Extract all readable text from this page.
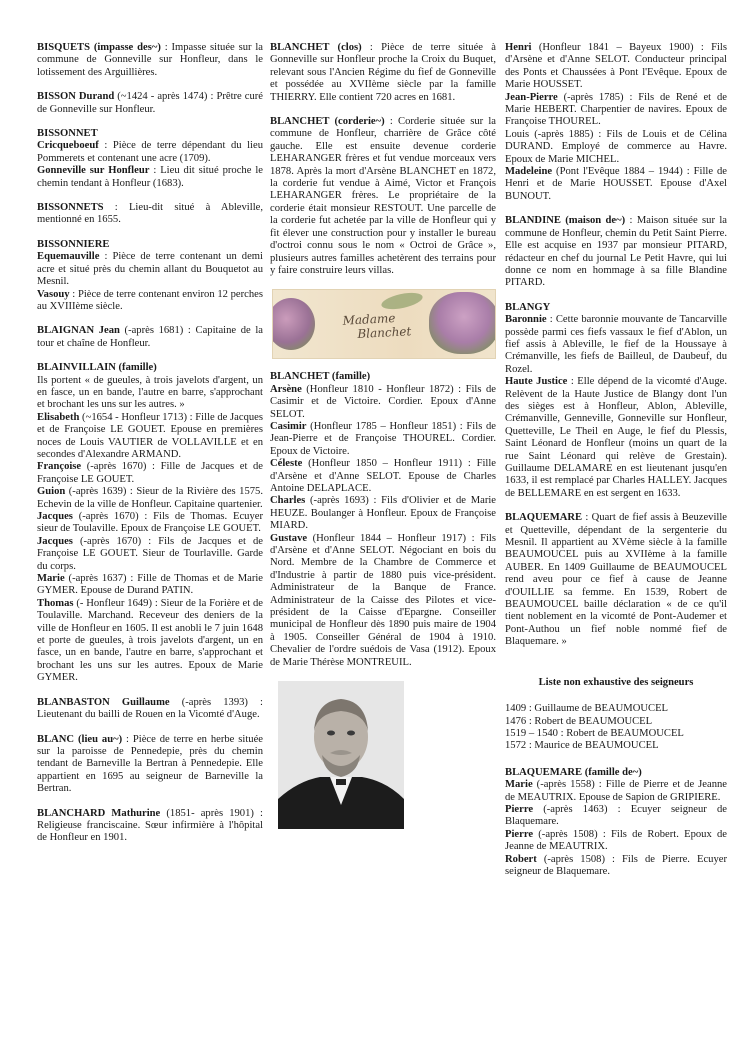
BISQUETS (impasse des~) : Impasse située sur la commune de Gonneville sur Honfleur, dans le lotissement des Arguillières.

BISSON Durand (~1424 - après 1474) : Prêtre curé de Gonneville sur Honfleur.

BISSONNET

Cricqueboeuf : Pièce de terre dépendant du lieu Pommerets et contenant une acre (1709).

Gonneville sur Honfleur : Lieu dit situé proche le chemin tendant à Honfleur (1683).

BISSONNETS : Lieu-dit situé à Ableville, mentionné en 1655.

BISSONNIERE

Equemauville : Pièce de terre contenant un demi acre et situé près du chemin allant du Bouquetot au Mesnil.

Vasouy : Pièce de terre contenant environ 12 perches au XVIIIème siècle.

BLAIGNAN Jean (-après 1681) : Capitaine de la tour et chaîne de Honfleur.

BLAINVILLAIN (famille)

Ils portent « de gueules, à trois javelots d'argent, un en fasce, un en bande, l'autre en barre, s'approchant et brochant les uns sur les autres. »

Elisabeth (~1654 - Honfleur 1713) : Fille de Jacques et de Françoise LE GOUET. Epouse en premières noces de Louis VAUTIER de VOLLAVILLE et en secondes d'Alexandre ARMAND.

Françoise (-après 1670) : Fille de Jacques et de Françoise LE GOUET.

Guion (-après 1639) : Sieur de la Rivière des 1575. Echevin de la ville de Honfleur. Capitaine quartenier.

Jacques (-après 1670) : Fils de Thomas. Ecuyer sieur de Toulaville. Epoux de Françoise LE GOUET.

Jacques (-après 1670) : Fils de Jacques et de Françoise LE GOUET. Sieur de Tourlaville. Garde du corps.

Marie (-après 1637) : Fille de Thomas et de Marie GYMER. Epouse de Durand PATIN.

Thomas (- Honfleur 1649) : Sieur de la Forière et de Toulaville. Marchand. Receveur des deniers de la ville de Honfleur en 1605. Il est anobli le 7 juin 1648 et porte de gueules, à trois javelots d'argent, un en fasce, un en bande, l'autre en barre, s'approchant et brochant les uns sur les autres. Epoux de Marie GYMER.

BLANBASTON Guillaume (-après 1393) : Lieutenant du bailli de Rouen en la Vicomté d'Auge.

BLANC (lieu au~) : Pièce de terre en herbe située sur la paroisse de Pennedepie, près du chemin tendant de Barneville la Bertran à Pennedepie. Elle appartient en 1695 au seigneur de Barneville la Bertran.

BLANCHARD Mathurine (1851- après 1901) : Religieuse franciscaine. Sœur infirmière à l'hôpital de Honfleur en 1901.

BLANCHET (clos) : Pièce de terre située à Gonneville sur Honfleur proche la Croix du Buquet, relevant sous l'Ancien Régime du fief de Gonneville et possédée au XVIIème siècle par la famille THIERRY. Elle contient 720 acres en 1681.

BLANCHET (corderie~) : Corderie située sur la commune de Honfleur, charrière de Grâce côté gauche. Elle est ensuite devenue corderie LEHARANGER frères et fut vendue morceaux vers 1878. Après la mort d'Arsène BLANCHET en 1872, la corderie fut vendue à Aimé, Victor et François LEHARANGER frères. Le propriétaire de la corderie était monsieur RESTOUT. Une parcelle de la corderie fut achetée par la ville de Honfleur qui y fit élever une construction pour y installer le bureau d'octroi connu sous le nom « Octroi de Grâce », plusieurs autres familles achetèrent des terrains pour y faire construire leurs villas.

Madame
Blanchet

BLANCHET (famille)

Arsène (Honfleur 1810 - Honfleur 1872) : Fils de Casimir et de Victoire. Cordier. Epoux d'Anne SELOT.

Casimir (Honfleur 1785 – Honfleur 1851) : Fils de Jean-Pierre et de Françoise THOUREL. Cordier. Epoux de Victoire.

Céleste (Honfleur 1850 – Honfleur 1911) : Fille d'Arsène et d'Anne SELOT. Epouse de Charles Antoine DELAPLACE.

Charles (-après 1693) : Fils d'Olivier et de Marie HEUZE. Boulanger à Honfleur. Epoux de Françoise MIARD.

Gustave (Honfleur 1844 – Honfleur 1917) : Fils d'Arsène et d'Anne SELOT. Négociant en bois du Nord. Membre de la Chambre de Commerce et d'Industrie à partir de 1880 puis vice-président. Administrateur de la Banque de France. Administrateur de la Caisse des Pilotes et vice-président de la Caisse d'Epargne. Conseiller municipal de Honfleur dès 1890 puis maire de 1904 à 1905. Conseiller Général de 1904 à 1910. Chevalier de l'ordre suédois de Vasa (1912). Epoux de Marie Thérèse MONTREUIL.

Henri (Honfleur 1841 – Bayeux 1900) : Fils d'Arsène et d'Anne SELOT. Conducteur principal des Ponts et Chaussées à Pont l'Evêque. Epoux de Marie HOUSSET.

Jean-Pierre (-après 1785) : Fils de René et de Marie HEBERT. Charpentier de navires. Epoux de Françoise THOUREL.

Louis (-après 1885) : Fils de Louis et de Célina DURAND. Employé de commerce au Havre. Epoux de Marie MICHEL.

Madeleine (Pont l'Evêque 1884 – 1944) : Fille de Henri et de Marie HOUSSET. Epouse d'Axel BUNOUT.

BLANDINE (maison de~) : Maison située sur la commune de Honfleur, chemin du Petit Saint Pierre. Elle est acquise en 1937 par monsieur PITARD, rédacteur en chef du journal Le Petit Havre, qui lui donne ce nom en hommage à sa fille Blandine PITARD.

BLANGY

Baronnie : Cette baronnie mouvante de Tancarville possède parmi ces fiefs vassaux le fief d'Ablon, un fief assis à Ableville, le fief de la Houssaye à Crémanville, les fiefs de Bailleul, de Daubeuf, du Rozel.

Haute Justice : Elle dépend de la vicomté d'Auge. Relèvent de la Haute Justice de Blangy dont l'un des sièges est à Honfleur, Ablon, Ableville, Crémanville, Genneville, Gonneville sur Honfleur, Quetteville, Le Theil en Auge, le fief du Plessis, Saint Léonard de Honfleur (moins un quart de la rue Saint Léonard qui relève de Grestain). Guillaume DELAMARE en est lieutenant jusqu'en 1633, il est remplacé par Charles HALLEY. Jacques de BELLEMARE en est sergent en 1633.

BLAQUEMARE : Quart de fief assis à Beuzeville et Quetteville, dépendant de la sergenterie du Mesnil. Il appartient au XVème siècle à la famille BEAUMOUCEL puis au XVIIème à la famille AUBER. En 1409 Guillaume de BEAUMOUCEL rend aveu pour ce fief à cause de Jeanne d'OUILLIE sa femme. En 1539, Robert de BEAUMOUCEL baille déclaration « de ce qu'il tient noblement en la vicomté de Pont-Audemer et Pont-Authou un fief noble nommé fief de Blaquemare. »

Liste non exhaustive des seigneurs

1409 : Guillaume de BEAUMOUCEL
1476 : Robert de BEAUMOUCEL
1519 – 1540 : Robert de BEAUMOUCEL
1572 : Maurice de BEAUMOUCEL

BLAQUEMARE (famille de~)

Marie (-après 1558) : Fille de Pierre et de Jeanne de MEAUTRIX. Epouse de Sapion de GRIPIERE.

Pierre (-après 1463) : Ecuyer seigneur de Blaquemare.

Pierre (-après 1508) : Fils de Robert. Epoux de Jeanne de MEAUTRIX.

Robert (-après 1508) : Fils de Pierre. Ecuyer seigneur de Blaquemare.
